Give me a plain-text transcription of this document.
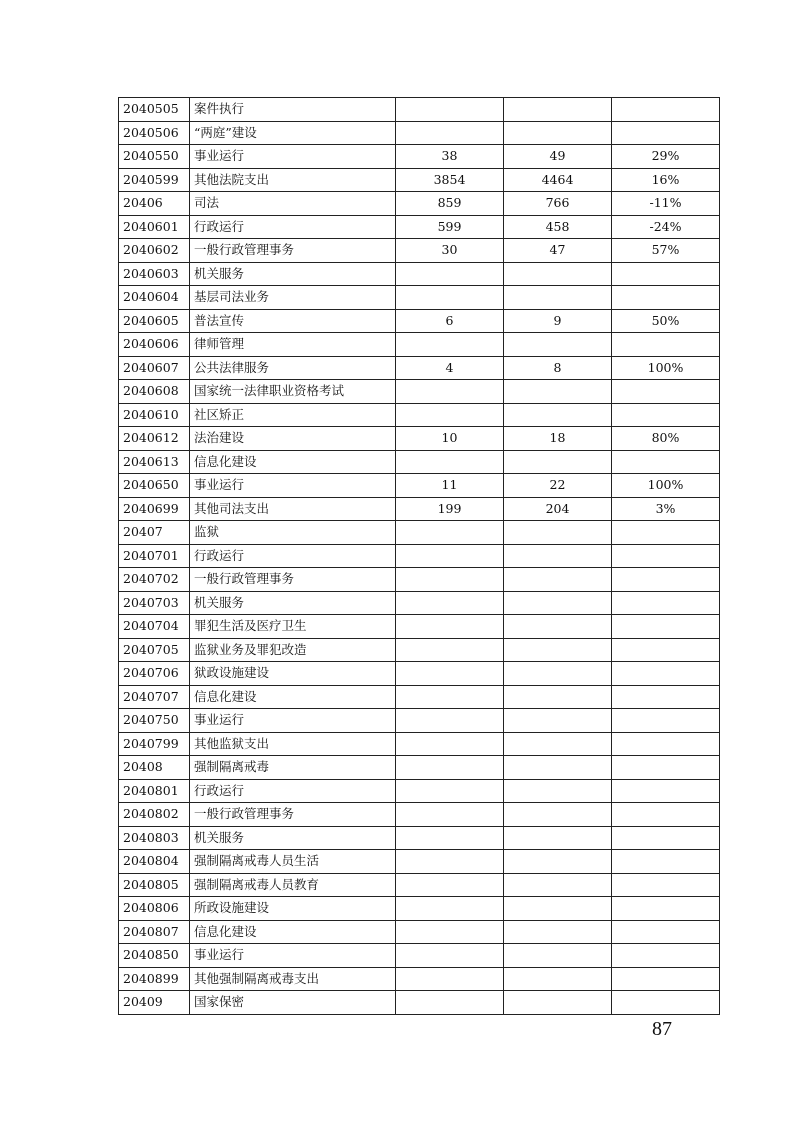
2040505	案件执行			
2040506	“两庭”建设			
2040550	事业运行	38	49	29%
2040599	其他法院支出	3854	4464	16%
20406	司法	859	766	-11%
2040601	行政运行	599	458	-24%
2040602	一般行政管理事务	30	47	57%
2040603	机关服务			
2040604	基层司法业务			
2040605	普法宣传	6	9	50%
2040606	律师管理			
2040607	公共法律服务	4	8	100%
2040608	国家统一法律职业资格考试			
2040610	社区矫正			
2040612	法治建设	10	18	80%
2040613	信息化建设			
2040650	事业运行	11	22	100%
2040699	其他司法支出	199	204	3%
20407	监狱			
2040701	行政运行			
2040702	一般行政管理事务			
2040703	机关服务			
2040704	罪犯生活及医疗卫生			
2040705	监狱业务及罪犯改造			
2040706	狱政设施建设			
2040707	信息化建设			
2040750	事业运行			
2040799	其他监狱支出			
20408	强制隔离戒毒			
2040801	行政运行			
2040802	一般行政管理事务			
2040803	机关服务			
2040804	强制隔离戒毒人员生活			
2040805	强制隔离戒毒人员教育			
2040806	所政设施建设			
2040807	信息化建设			
2040850	事业运行			
2040899	其他强制隔离戒毒支出			
20409	国家保密			
87
